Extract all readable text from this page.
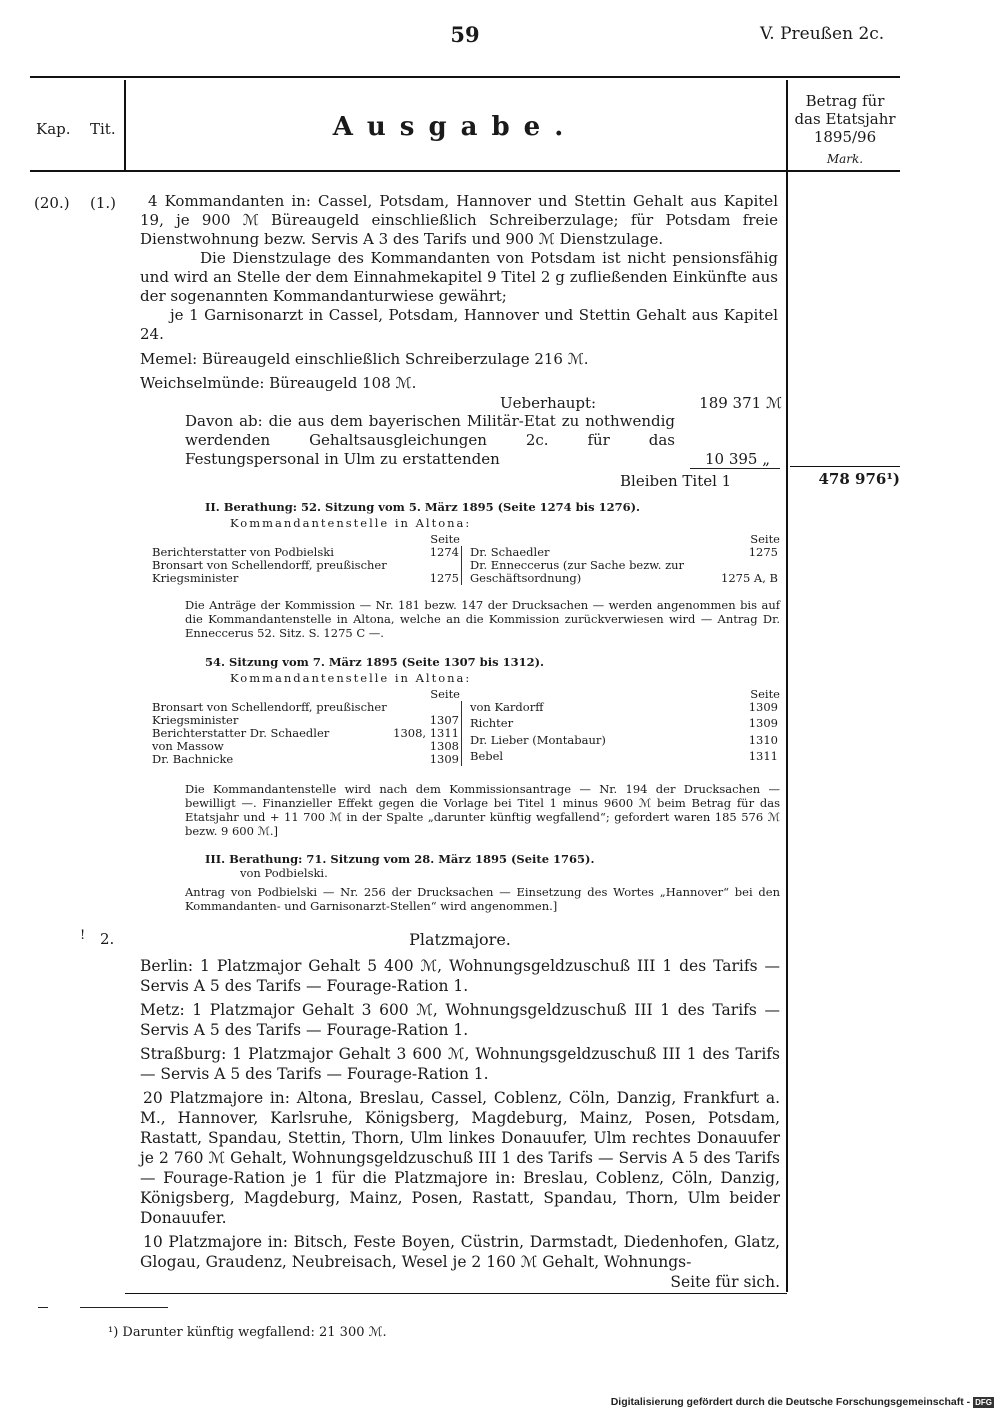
59	V. Preußen 2c.
Kap. Tit.	Ausgabe.
Betrag für
das Etatsjahr
1895/96
Mark.
(20.) (1.)	4 Kommandanten in: Cassel, Potsdam, Hannover und Stettin Gehalt aus Kapitel 19, je 900 ℳ Büreaugeld einschließlich Schreiberzulage; für Potsdam freie Dienstwohnung bezw. Servis A 3 des Tarifs und 900 ℳ Dienstzulage.
Die Dienstzulage des Kommandanten von Potsdam ist nicht pensionsfähig und wird an Stelle der dem Einnahmekapitel 9 Titel 2 g zufließenden Einkünfte aus der sogenannten Kommandanturwiese gewährt;
je 1 Garnisonarzt in Cassel, Potsdam, Hannover und Stettin Gehalt aus Kapitel 24.
Memel: Büreaugeld einschließlich Schreiberzulage 216 ℳ.
Weichselmünde: Büreaugeld 108 ℳ.
Ueberhaupt:	189 371 ℳ
Davon ab: die aus dem bayerischen Militär-Etat zu nothwendig werdenden Gehaltsausgleichungen 2c. für das Festungspersonal in Ulm zu erstattenden	10 395 „
Bleiben Titel 1	478 976¹)
II. Berathung: 52. Sitzung vom 5. März 1895 (Seite 1274 bis 1276).
Kommandantenstelle in Altona:
Seite	Seite
Berichterstatter von Podbielski	1274
Bronsart von Schellendorff, preußischer	
Kriegsminister	1275
Dr. Schaedler	1275
Dr. Enneccerus (zur Sache bezw. zur	
Geschäftsordnung)	1275 A, B
Die Anträge der Kommission — Nr. 181 bezw. 147 der Drucksachen — werden angenommen bis auf die Kommandantenstelle in Altona, welche an die Kommission zurückverwiesen wird — Antrag Dr. Enneccerus 52. Sitz. S. 1275 C —.
54. Sitzung vom 7. März 1895 (Seite 1307 bis 1312).
Kommandantenstelle in Altona:
Seite	Seite
Bronsart von Schellendorff, preußischer	
Kriegsminister	1307
Berichterstatter Dr. Schaedler	1308, 1311
von Massow	1308
Dr. Bachnicke	1309
von Kardorff	1309
Richter	1309
Dr. Lieber (Montabaur)	1310
Bebel	1311
Die Kommandantenstelle wird nach dem Kommissionsantrage — Nr. 194 der Drucksachen — bewilligt —. Finanzieller Effekt gegen die Vorlage bei Titel 1 minus 9600 ℳ beim Betrag für das Etatsjahr und + 11 700 ℳ in der Spalte „darunter künftig wegfallend“; gefordert waren 185 576 ℳ bezw. 9 600 ℳ.]
III. Berathung: 71. Sitzung vom 28. März 1895 (Seite 1765).
von Podbielski.
Antrag von Podbielski — Nr. 256 der Drucksachen — Einsetzung des Wortes „Hannover“ bei den Kommandanten- und Garnisonarzt-Stellen“ wird angenommen.]
! 2.	Platzmajore.
Berlin: 1 Platzmajor Gehalt 5 400 ℳ, Wohnungsgeldzuschuß III 1 des Tarifs — Servis A 5 des Tarifs — Fourage-Ration 1.
Metz: 1 Platzmajor Gehalt 3 600 ℳ, Wohnungsgeldzuschuß III 1 des Tarifs — Servis A 5 des Tarifs — Fourage-Ration 1.
Straßburg: 1 Platzmajor Gehalt 3 600 ℳ, Wohnungsgeldzuschuß III 1 des Tarifs — Servis A 5 des Tarifs — Fourage-Ration 1.
20 Platzmajore in: Altona, Breslau, Cassel, Coblenz, Cöln, Danzig, Frankfurt a. M., Hannover, Karlsruhe, Königsberg, Magdeburg, Mainz, Posen, Potsdam, Rastatt, Spandau, Stettin, Thorn, Ulm linkes Donauufer, Ulm rechtes Donauufer je 2 760 ℳ Gehalt, Wohnungsgeldzuschuß III 1 des Tarifs — Servis A 5 des Tarifs — Fourage-Ration je 1 für die Platzmajore in: Breslau, Coblenz, Cöln, Danzig, Königsberg, Magdeburg, Mainz, Posen, Rastatt, Spandau, Thorn, Ulm beider Donauufer.
10 Platzmajore in: Bitsch, Feste Boyen, Cüstrin, Darmstadt, Diedenhofen, Glatz, Glogau, Graudenz, Neubreisach, Wesel je 2 160 ℳ Gehalt, Wohnungs-
Seite für sich.
¹) Darunter künftig wegfallend: 21 300 ℳ.
Digitalisierung gefördert durch die Deutsche Forschungsgemeinschaft - DFG
